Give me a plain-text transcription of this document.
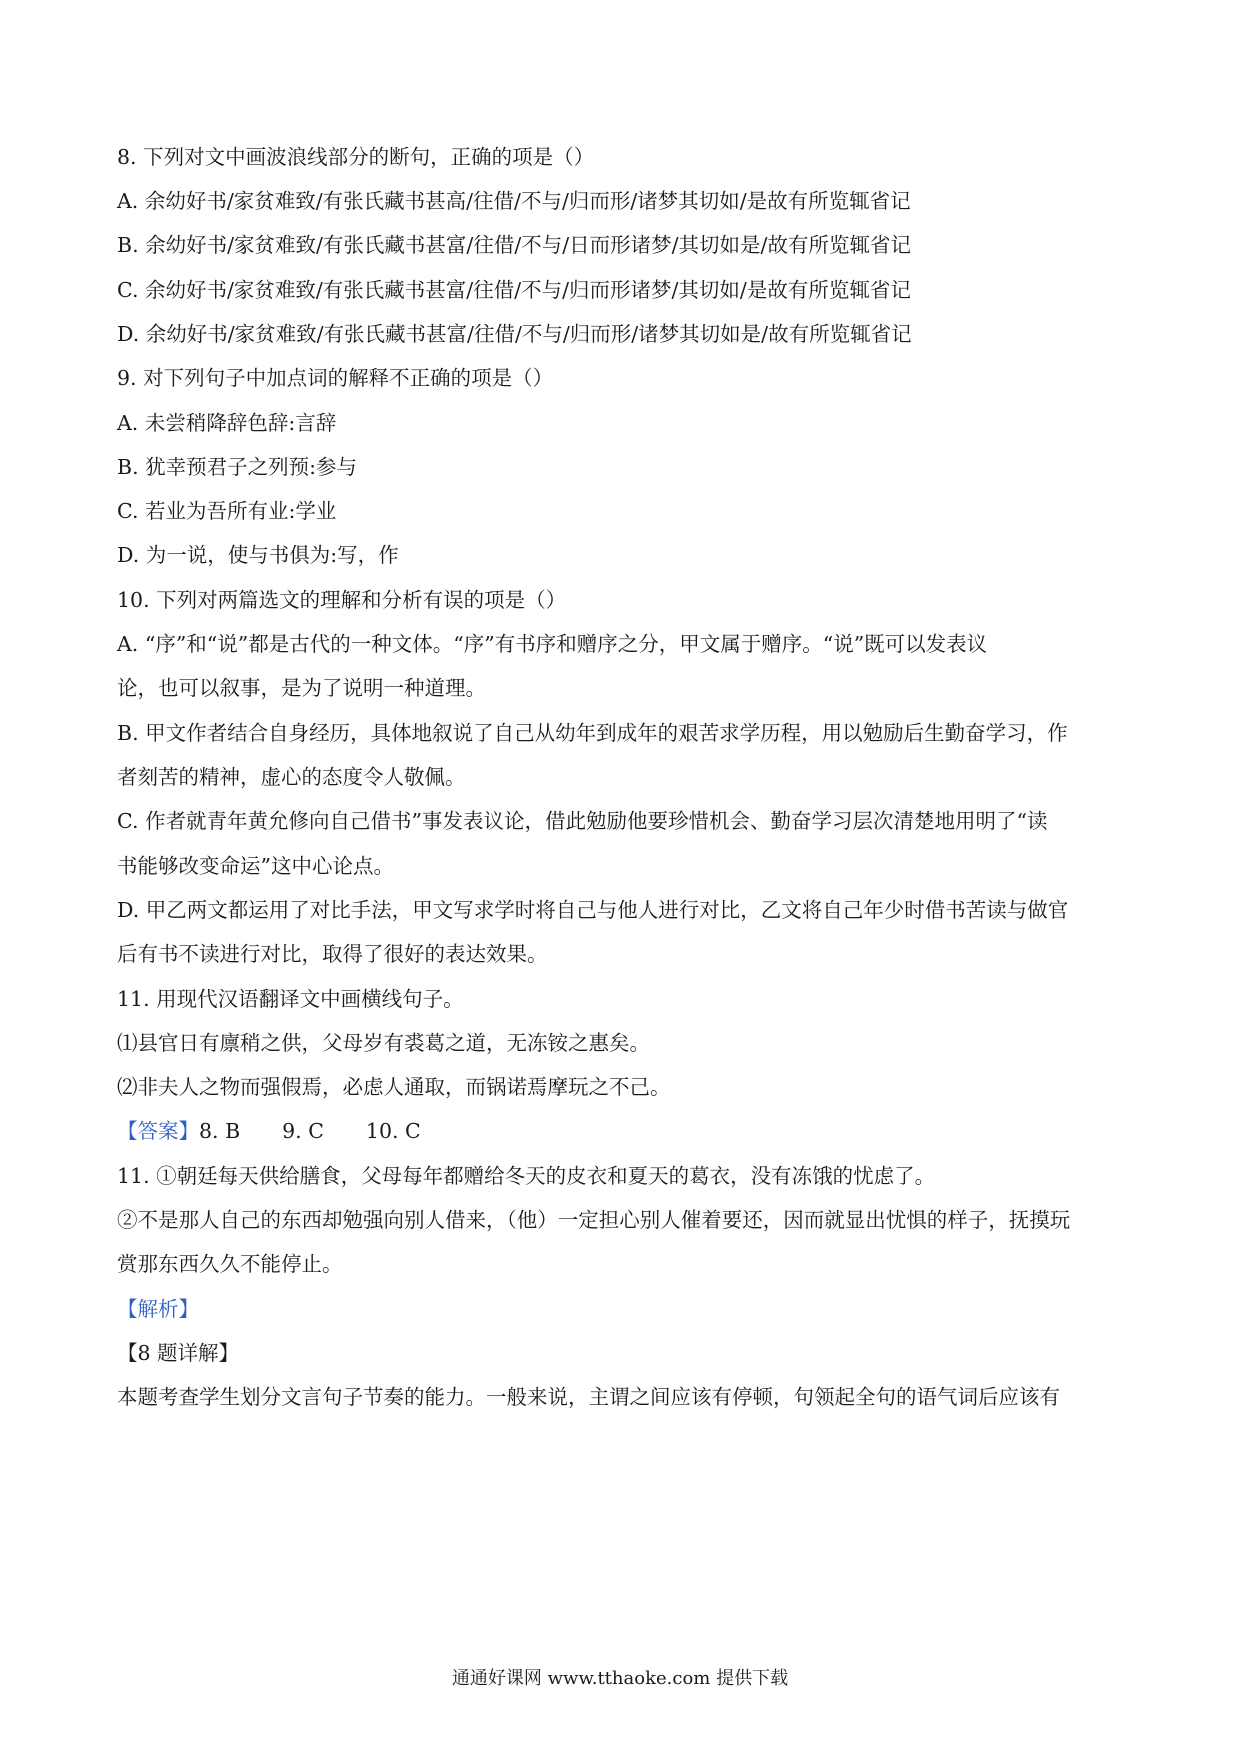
8. 下列对文中画波浪线部分的断句，正确的项是（）
A. 余幼好书/家贫难致/有张氏藏书甚高/往借/不与/归而形/诸梦其切如/是故有所览辄省记
B. 余幼好书/家贫难致/有张氏藏书甚富/往借/不与/日而形诸梦/其切如是/故有所览辄省记
C. 余幼好书/家贫难致/有张氏藏书甚富/往借/不与/归而形诸梦/其切如/是故有所览辄省记
D. 余幼好书/家贫难致/有张氏藏书甚富/往借/不与/归而形/诸梦其切如是/故有所览辄省记
9. 对下列句子中加点词的解释不正确的项是（）
A. 未尝稍降辞色辞:言辞
B. 犹幸预君子之列预:参与
C. 若业为吾所有业:学业
D. 为一说，使与书俱为:写，作
10. 下列对两篇选文的理解和分析有误的项是（）
A. “序”和“说”都是古代的一种文体。“序”有书序和赠序之分，甲文属于赠序。“说”既可以发表议
论，也可以叙事，是为了说明一种道理。
B. 甲文作者结合自身经历，具体地叙说了自己从幼年到成年的艰苦求学历程，用以勉励后生勤奋学习，作
者刻苦的精神，虚心的态度令人敬佩。
C. 作者就青年黄允修向自己借书”事发表议论，借此勉励他要珍惜机会、勤奋学习层次清楚地用明了“读
书能够改变命运”这中心论点。
D. 甲乙两文都运用了对比手法，甲文写求学时将自己与他人进行对比，乙文将自己年少时借书苦读与做官
后有书不读进行对比，取得了很好的表达效果。
11. 用现代汉语翻译文中画横线句子。
⑴县官日有廪稍之供，父母岁有裘葛之道，无冻铵之惠矣。
⑵非夫人之物而强假焉，必虑人通取，而锅诺焉摩玩之不己。
【答案】8. B 9. C 10. C
11. ①朝廷每天供给膳食，父母每年都赠给冬天的皮衣和夏天的葛衣，没有冻饿的忧虑了。
②不是那人自己的东西却勉强向别人借来，（他）一定担心别人催着要还，因而就显出忧惧的样子，抚摸玩
赏那东西久久不能停止。
【解析】
【8 题详解】
本题考查学生划分文言句子节奏的能力。一般来说，主谓之间应该有停顿，句领起全句的语气词后应该有
通通好课网 www.tthaoke.com 提供下载
